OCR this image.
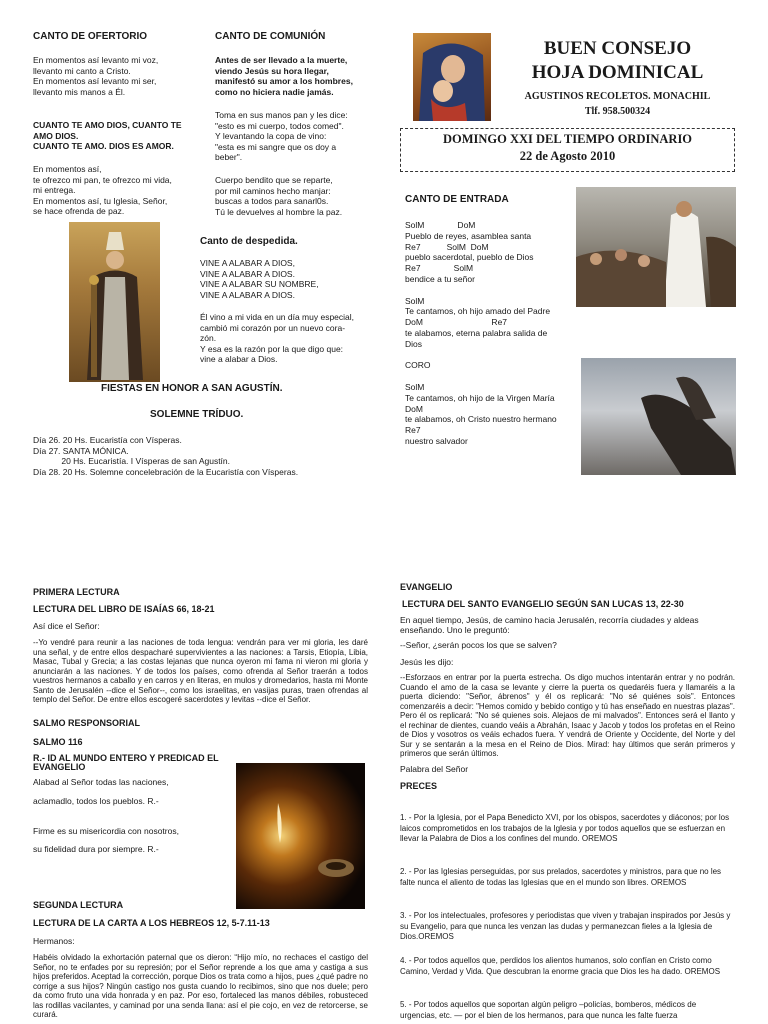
CANTO DE OFERTORIO
En momentos así levanto mi voz,
llevanto mi canto a Cristo.
En momentos así levanto mi ser,
llevanto mis manos a Él.
CUANTO TE AMO DIOS, CUANTO TE
AMO DIOS.
CUANTO TE AMO. DIOS ES AMOR.
En momentos así,
te ofrezco mi pan, te ofrezco mi vida,
mi entrega.
En momentos así, tu Iglesia, Señor,
se hace ofrenda de paz.
CANTO DE COMUNIÓN
Antes de ser llevado a la muerte,
viendo Jesús su hora llegar,
manifestó su amor a los hombres,
como no hiciera nadie jamás.
Toma en sus manos pan y les dice:
"esto es mi cuerpo, todos comed".
Y levantando la copa de vino:
"esta es mi sangre que os doy a
beber".
Cuerpo bendito que se reparte,
por mil caminos hecho manjar:
buscas a todos para sanarl0s.
Tú le devuelves al hombre la paz.
Canto de despedida.
VINE A ALABAR A DIOS,
VINE A ALABAR A DIOS.
VINE A ALABAR SU NOMBRE,
VINE A ALABAR A DIOS.
Él vino a mi vida en un día muy especial,
cambió mi corazón por un nuevo cora-
zón.
Y esa es la razón por la que digo que:
vine a alabar a Dios.
FIESTAS EN HONOR A SAN AGUSTÍN.
SOLEMNE TRÍDUO.
Día 26. 20 Hs. Eucaristía con Vísperas.
Día 27. SANTA MÓNICA.
20 Hs. Eucaristía. I Vísperas de san Agustín.
Día 28. 20 Hs. Solemne concelebración de la Eucaristía con Vísperas.
BUEN CONSEJO
HOJA DOMINICAL
AGUSTINOS RECOLETOS. MONACHIL
Tlf. 958.500324
DOMINGO XXI DEL TIEMPO ORDINARIO
22 de Agosto 2010
CANTO DE ENTRADA
SolM              DoM
Pueblo de reyes, asamblea santa
Re7           SolM  DoM
pueblo sacerdotal, pueblo de Dios
Re7              SolM
bendice a tu señor
SolM
Te cantamos, oh hijo amado del Padre
DoM                             Re7
te alabamos, eterna palabra salida de
Dios
CORO
SolM
Te cantamos, oh hijo de la Virgen María
DoM
te alabamos, oh Cristo nuestro hermano
Re7
nuestro salvador
PRIMERA LECTURA
LECTURA DEL LIBRO DE ISAÍAS 66, 18-21
Así dice el Señor:
--Yo vendré para reunir a las naciones de toda lengua: vendrán para ver mi gloria, les daré una señal, y de entre ellos despacharé supervivientes a las naciones: a Tarsis, Etiopía, Libia, Masac, Tubal y Grecia; a las costas lejanas que nunca oyeron mi fama ni vieron mi gloria y anunciarán a las naciones. Y de todos los países, como ofrenda al Señor traerán a todos vuestros hermanos a caballo y en carros y en literas, en mulos y dromedarios, hasta mi Monte Santo de Jerusalén --dice el Señor--, como los israelitas, en vasijas puras, traen ofrendas al templo del Señor. De entre ellos escogeré sacerdotes y levitas --dice el Señor.
SALMO RESPONSORIAL
SALMO 116
R.- ID AL MUNDO ENTERO Y PREDICAD EL EVANGELIO
Alabad al Señor todas las naciones,
aclamadlo, todos los pueblos. R.-
Firme es su misericordia con nosotros,
su fidelidad dura por siempre. R.-
SEGUNDA LECTURA
LECTURA DE LA CARTA A LOS HEBREOS 12, 5-7.11-13
Hermanos:
Habéis olvidado la exhortación paternal que os dieron: “Hijo mío, no rechaces el castigo del Señor, no te enfades por su represión; por el Señor reprende a los que ama y castiga a sus hijos preferidos. Aceptad la corrección, porque Dios os trata como a hijos, pues ¿qué padre no corrige a sus hijos? Ningún castigo nos gusta cuando lo recibimos, sino que nos duele; pero da como fruto una vida honrada y en paz. Por eso, fortaleced las manos débiles, robusteced las rodillas vacilantes, y caminad por una senda llana: así el pie cojo, en vez de retorcerse, se curará.
EVANGELIO
LECTURA DEL SANTO EVANGELIO SEGÚN SAN LUCAS 13, 22-30
En aquel tiempo, Jesús, de camino hacia Jerusalén, recorría ciudades y aldeas enseñando. Uno le preguntó:
--Señor, ¿serán pocos los que se salven?
Jesús les dijo:
--Esforzaos en entrar por la puerta estrecha. Os digo muchos intentarán entrar y no podrán. Cuando el amo de la casa se levante y cierre la puerta os quedaréis fuera y llamaréis a la puerta diciendo: "Señor, ábrenos" y él os replicará: "No sé quiénes sois". Entonces comenzaréis a decir: "Hemos comido y bebido contigo y tú has enseñado en nuestras plazas". Pero él os replicará: "No sé quienes sois. Alejaos de mi malvados". Entonces será el llanto y el rechinar de dientes, cuando veáis a Abrahán, Isaac y Jacob y todos los profetas en el Reino de Dios y vosotros os veáis echados fuera. Y vendrá de Oriente y Occidente, del Norte y del Sur y se sentarán a la mesa en el Reino de Dios. Mirad: hay últimos que serán primeros y primeros que serán últimos.
Palabra del Señor
PRECES
1. - Por la Iglesia, por el Papa Benedicto XVI, por los obispos, sacerdotes y diáconos; por los laicos comprometidos en los trabajos de la Iglesia y por todos aquellos que se esfuerzan en llevar la Palabra de Dios a los confines del mundo. OREMOS
2. - Por las Iglesias perseguidas, por sus prelados, sacerdotes y ministros, para que no les falte nunca el aliento de todas las Iglesias que en el mundo son libres. OREMOS
3. - Por los intelectuales, profesores y periodistas que viven y trabajan inspirados por Jesús y su Evangelio, para que nunca les venzan las dudas y permanezcan fieles a la Iglesia de Dios.OREMOS
4. - Por todos aquellos que, perdidos los alientos humanos, solo confían en Cristo como Camino, Verdad y Vida. Que descubran la enorme gracia que Dios les ha dado. OREMOS
5. - Por todos aquellos que soportan algún peligro –policías, bomberos, médicos de urgencias, etc. — por el bien de los hermanos, para que nunca les falte fuerza
